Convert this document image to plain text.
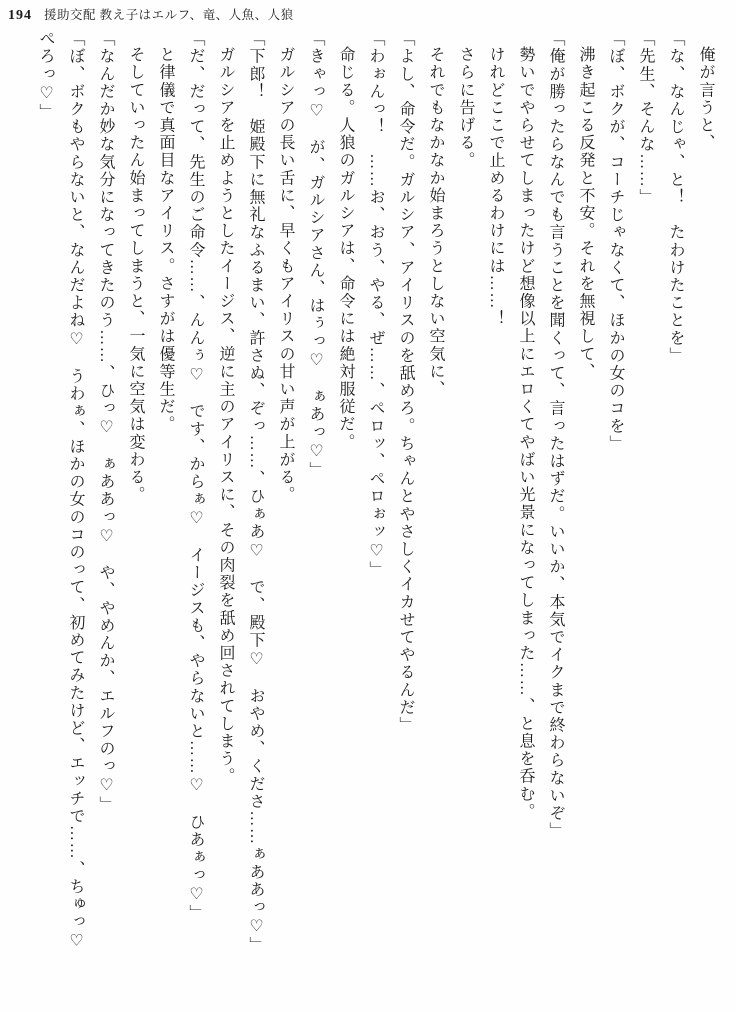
194 援助交配 教え子はエルフ、竜、人魚、人狼

俺が言うと、

「な、なんじゃ、と！　たわけたことを」

「先生、そんな……」

「ぼ、ボクが、コーチじゃなくて、ほかの女のコを」

沸き起こる反発と不安。それを無視して、

「俺が勝ったらなんでも言うことを聞くって、言ったはずだ。いいか、本気でイクまで終わらないぞ」

勢いでやらせてしまったけど想像以上にエロくてやばい光景になってしまった……、と息を呑む。

けれどここで止めるわけには……！

さらに告げる。

それでもなかなか始まろうとしない空気に、

「よし、命令だ。ガルシア、アイリスのを舐めろ。ちゃんとやさしくイカせてやるんだ」

「わぉんっ！　……お、おう、やる、ぜ……、ペロッ、ペロぉッ♡」

命じる。人狼のガルシアは、命令には絶対服従だ。

「きゃっ♡　が、ガルシアさん、はぅっ♡　ぁあっ♡」

ガルシアの長い舌に、早くもアイリスの甘い声が上がる。

「下郎！　姫殿下に無礼なふるまい、許さぬ、ぞっ……、ひぁあ♡　で、殿下♡　おやめ、くださ……ぁああっ♡」

ガルシアを止めようとしたイージス、逆に主のアイリスに、その肉裂を舐め回されてしまう。

「だ、だって、先生のご命令……、んんぅ♡　です、からぁ♡　イージスも、やらないと……♡　ひあぁっ♡」

と律儀で真面目なアイリス。さすがは優等生だ。

そしていったん始まってしまうと、一気に空気は変わる。

「なんだか妙な気分になってきたのう……、ひっ♡　ぁああっ♡　や、やめんか、エルフのっ♡」

「ぼ、ボクもやらないと、なんだよね♡　うわぁ、ほかの女のコのって、初めてみたけど、エッチで……、ちゅっ♡　ぺろっ♡」
